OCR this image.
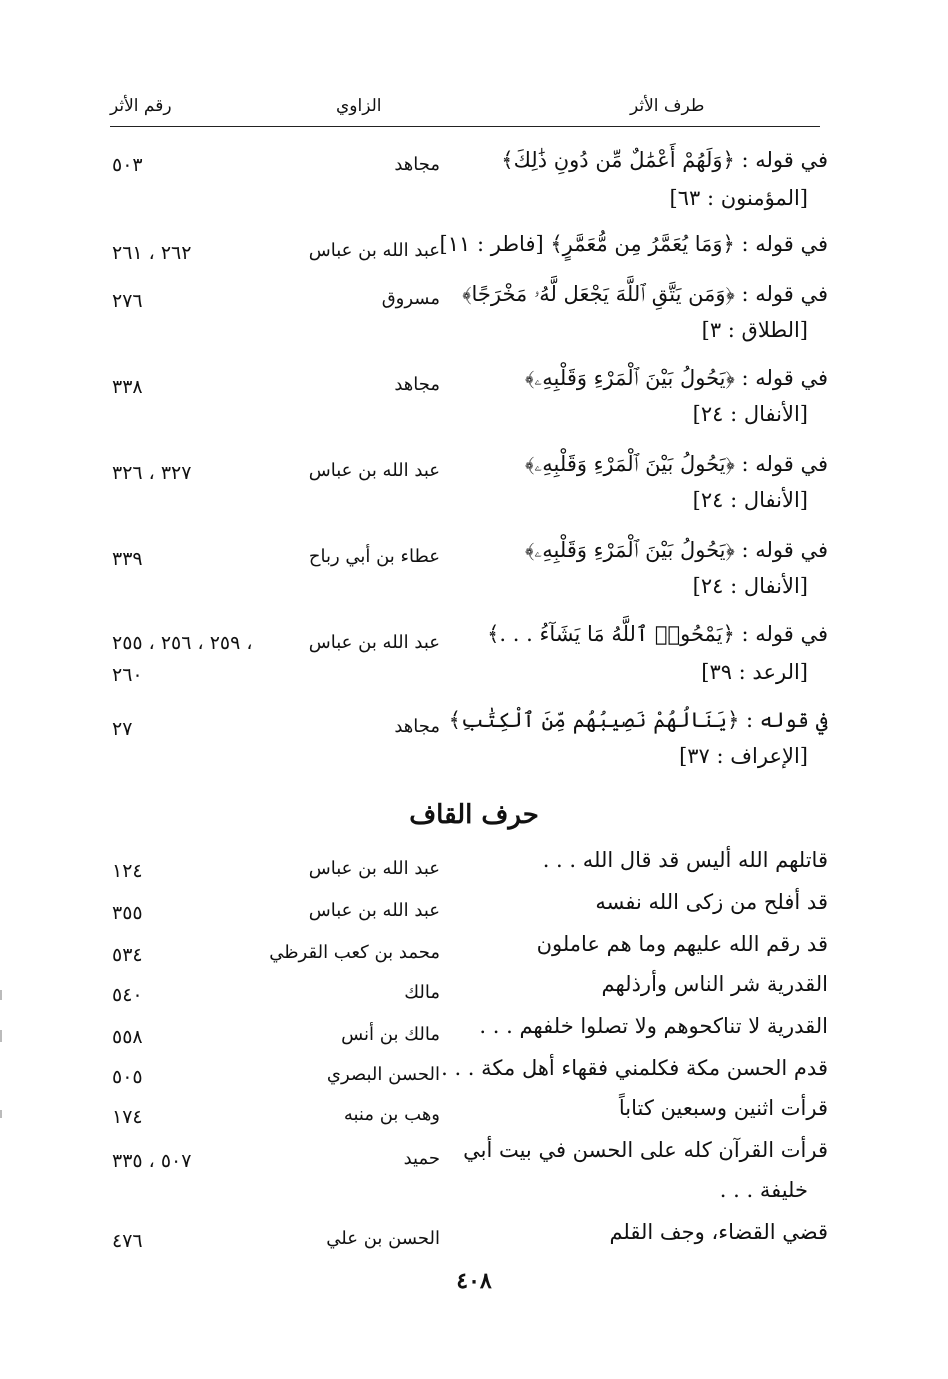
رقم الأثر	الزاوي	طرف الأثر
في قوله : ﴿وَلَهُمْ أَعْمَٰلٌ مِّن دُونِ ذَٰلِكَ﴾
[المؤمنون : ٦٣]
مجاهد
٥٠٣
في قوله : ﴿وَمَا يُعَمَّرُ مِن مُّعَمَّرٍ﴾ [فاطر : ١١]
عبد الله بن عباس
٢٦٢ ، ٢٦١
في قوله : ﴿وَمَن يَتَّقِ ٱللَّهَ يَجْعَل لَّهُۥ مَخْرَجًا﴾
[الطلاق : ٣]
مسروق
٢٧٦
في قوله : ﴿يَحُولُ بَيْنَ ٱلْمَرْءِ وَقَلْبِهِۦ﴾
[الأنفال : ٢٤]
مجاهد
٣٣٨
في قوله : ﴿يَحُولُ بَيْنَ ٱلْمَرْءِ وَقَلْبِهِۦ﴾
[الأنفال : ٢٤]
عبد الله بن عباس
٣٢٧ ، ٣٢٦
في قوله : ﴿يَحُولُ بَيْنَ ٱلْمَرْءِ وَقَلْبِهِۦ﴾
[الأنفال : ٢٤]
عطاء بن أبي رباح
٣٣٩
في قوله : ﴿يَمْحُوا۟ ٱللَّهُ مَا يَشَآءُ . . .﴾
[الرعد : ٣٩]
عبد الله بن عباس
٢٥٩ ، ٢٥٦ ، ٢٥٥ ،
٢٦٠
في قوله : ﴿يَنَالُهُمْ نَصِيبُهُم مِّنَ ٱلْكِتَٰبِ﴾
[الإعراف : ٣٧]
مجاهد
٢٧
حرف القاف
قاتلهم الله أليس قد قال الله . . .
عبد الله بن عباس
١٢٤
قد أفلح من زكى الله نفسه
عبد الله بن عباس
٣٥٥
قد رقم الله عليهم وما هم عاملون
محمد بن كعب القرظي
٥٣٤
القدرية شر الناس وأرذلهم
مالك
٥٤٠
القدرية لا تناكحوهم ولا تصلوا خلفهم . . .
مالك بن أنس
٥٥٨
قدم الحسن مكة فكلمني فقهاء أهل مكة . . .
الحسن البصري
٥٠٥
قرأت اثنين وسبعين كتاباً
وهب بن منبه
١٧٤
قرأت القرآن كله على الحسن في بيت أبي
خليفة . . .
حميد
٥٠٧ ، ٣٣٥
قضي القضاء، وجف القلم
الحسن بن علي
٤٧٦
٤٠٨
